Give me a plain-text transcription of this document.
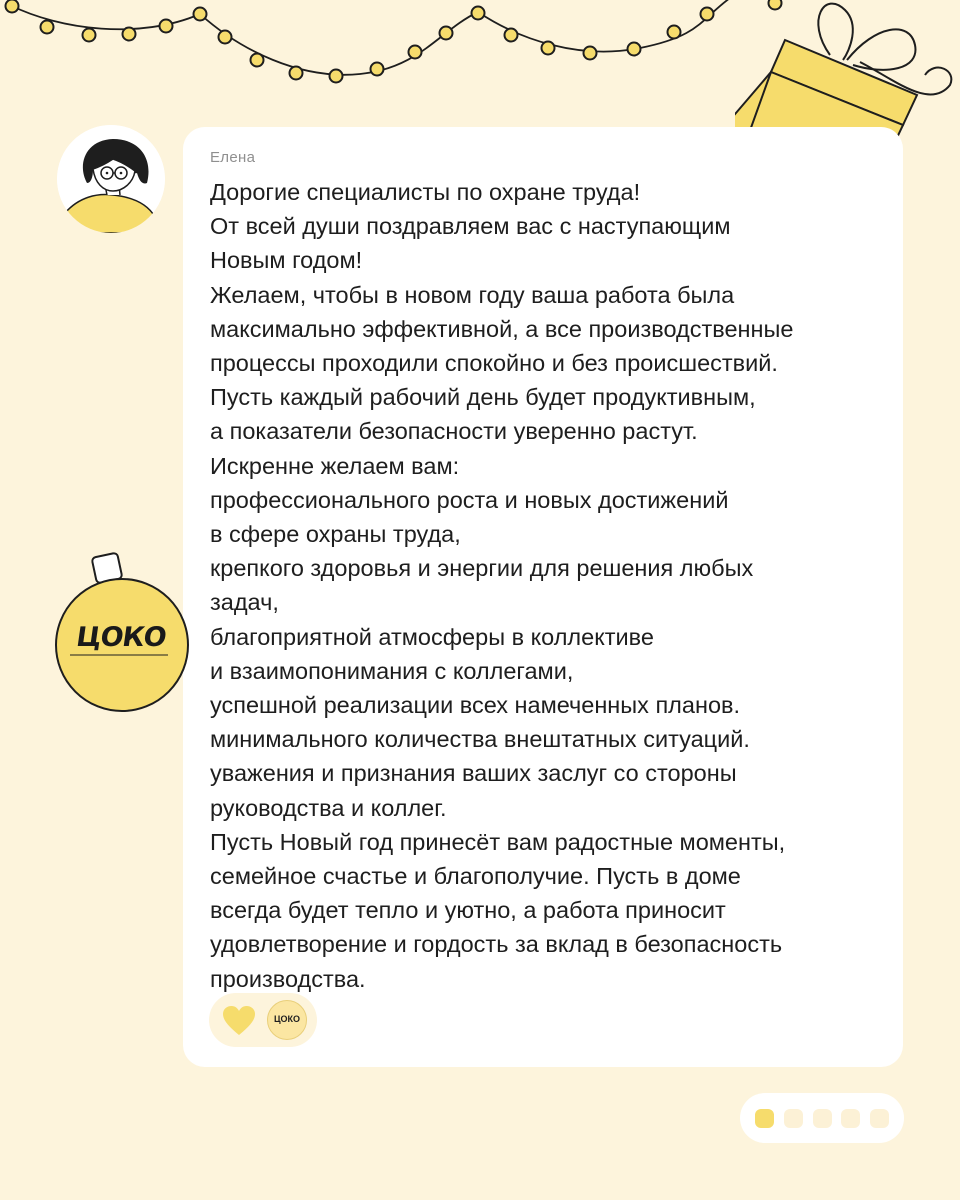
Елена
Дорогие специалисты по охране труда!
От всей души поздравляем вас с наступающим
Новым годом!
Желаем, чтобы в новом году ваша работа была
максимально эффективной, а все производственные
процессы проходили спокойно и без происшествий.
Пусть каждый рабочий день будет продуктивным,
а показатели безопасности уверенно растут.
Искренне желаем вам:
профессионального роста и новых достижений
в сфере охраны труда,
крепкого здоровья и энергии для решения любых
задач,
благоприятной атмосферы в коллективе
и взаимопонимания с коллегами,
успешной реализации всех намеченных планов.
минимального количества внештатных ситуаций.
уважения и признания ваших заслуг со стороны
руководства и коллег.
Пусть Новый год принесёт вам радостные моменты,
семейное счастье и благополучие. Пусть в доме
всегда будет тепло и уютно, а работа приносит
удовлетворение и гордость за вклад в безопасность
производства.
ЦОКО
ЦОКО
